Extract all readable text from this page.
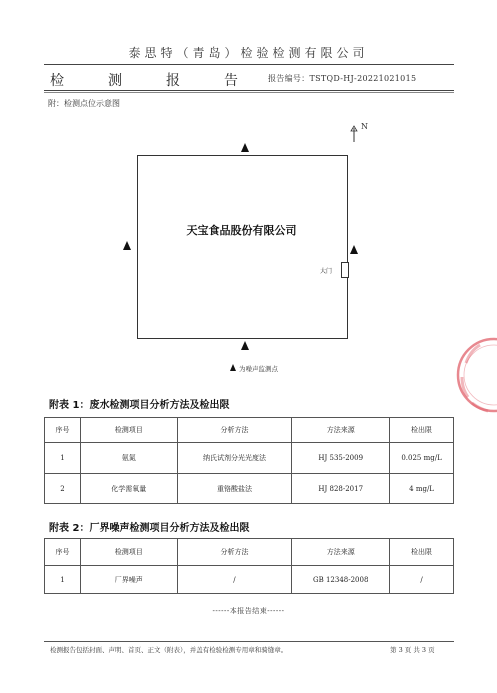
泰思特（青岛）检验检测有限公司
检	测	报	告	报告编号：TSTQD-HJ-20221021015
附：检测点位示意图
N
天宝食品股份有限公司
大门
为噪声监测点
附表 1：废水检测项目分析方法及检出限
序号	检测项目	分析方法	方法来源	检出限
1	氨氮	纳氏试剂分光光度法	HJ 535-2009	0.025 mg/L
2	化学需氧量	重铬酸盐法	HJ 828-2017	4 mg/L
附表 2：厂界噪声检测项目分析方法及检出限
序号	检测项目	分析方法	方法来源	检出限
1	厂界噪声	/	GB 12348-2008	/
------本报告结束------
检测报告包括封面、声明、首页、正文（附表），并盖有检验检测专用章和骑缝章。	第 3 页 共 3 页
